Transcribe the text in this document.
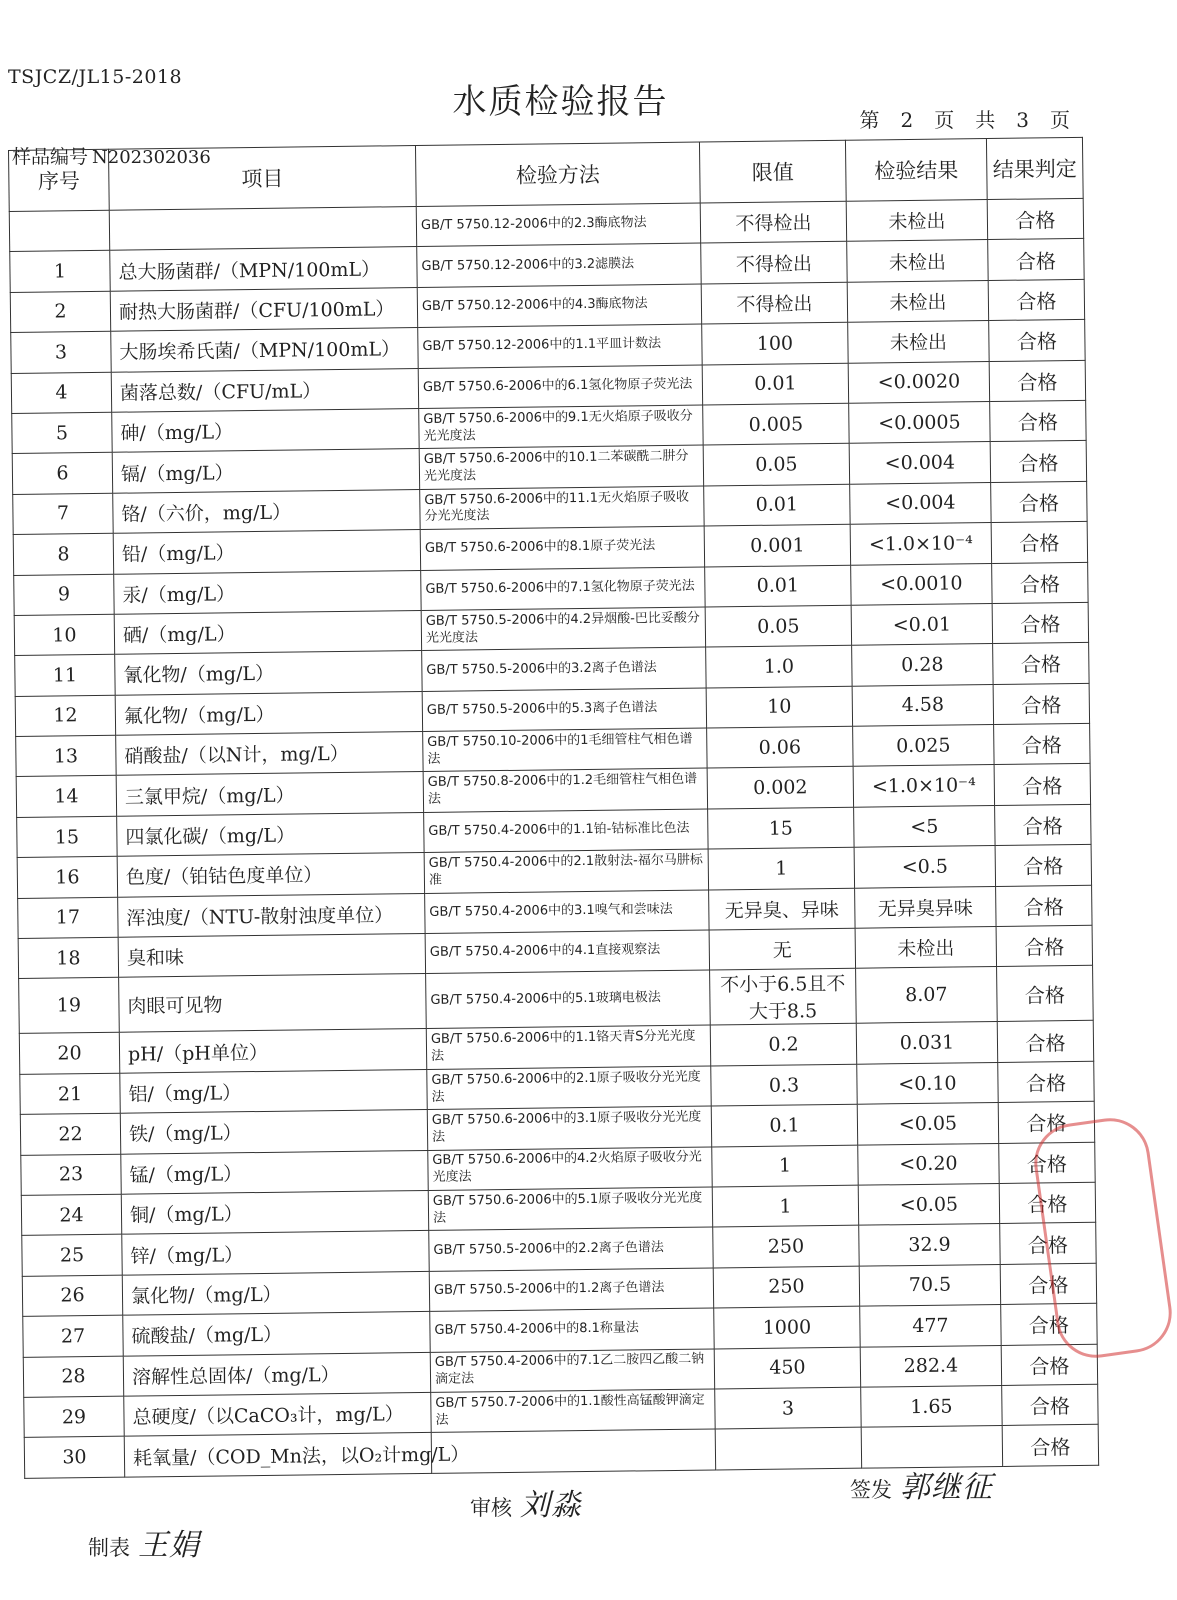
TSJCZ/JL15-2018
水质检验报告	第 2 页 共 3 页
样品编号 N202302036
序号	项目	检验方法	限值	检验结果	结果判定
		GB/T 5750.12-2006中的2.3酶底物法	不得检出	未检出	合格
1	总大肠菌群/（MPN/100mL）	GB/T 5750.12-2006中的3.2滤膜法	不得检出	未检出	合格
2	耐热大肠菌群/（CFU/100mL）	GB/T 5750.12-2006中的4.3酶底物法	不得检出	未检出	合格
3	大肠埃希氏菌/（MPN/100mL）	GB/T 5750.12-2006中的1.1平皿计数法	100	未检出	合格
4	菌落总数/（CFU/mL）	GB/T 5750.6-2006中的6.1氢化物原子荧光法	0.01	<0.0020	合格
5	砷/（mg/L）	GB/T 5750.6-2006中的9.1无火焰原子吸收分光光度法	0.005	<0.0005	合格
6	镉/（mg/L）	GB/T 5750.6-2006中的10.1二苯碳酰二肼分光光度法	0.05	<0.004	合格
7	铬/（六价，mg/L）	GB/T 5750.6-2006中的11.1无火焰原子吸收分光光度法	0.01	<0.004	合格
8	铅/（mg/L）	GB/T 5750.6-2006中的8.1原子荧光法	0.001	<1.0×10⁻⁴	合格
9	汞/（mg/L）	GB/T 5750.6-2006中的7.1氢化物原子荧光法	0.01	<0.0010	合格
10	硒/（mg/L）	GB/T 5750.5-2006中的4.2异烟酸-巴比妥酸分光光度法	0.05	<0.01	合格
11	氰化物/（mg/L）	GB/T 5750.5-2006中的3.2离子色谱法	1.0	0.28	合格
12	氟化物/（mg/L）	GB/T 5750.5-2006中的5.3离子色谱法	10	4.58	合格
13	硝酸盐/（以N计，mg/L）	GB/T 5750.10-2006中的1毛细管柱气相色谱法	0.06	0.025	合格
14	三氯甲烷/（mg/L）	GB/T 5750.8-2006中的1.2毛细管柱气相色谱法	0.002	<1.0×10⁻⁴	合格
15	四氯化碳/（mg/L）	GB/T 5750.4-2006中的1.1铂-钴标准比色法	15	<5	合格
16	色度/（铂钴色度单位）	GB/T 5750.4-2006中的2.1散射法-福尔马肼标准	1	<0.5	合格
17	浑浊度/（NTU-散射浊度单位）	GB/T 5750.4-2006中的3.1嗅气和尝味法	无异臭、异味	无异臭异味	合格
18	臭和味	GB/T 5750.4-2006中的4.1直接观察法	无	未检出	合格
19	肉眼可见物	GB/T 5750.4-2006中的5.1玻璃电极法	不小于6.5且不大于8.5	8.07	合格
20	pH/（pH单位）	GB/T 5750.6-2006中的1.1铬天青S分光光度法	0.2	0.031	合格
21	铝/（mg/L）	GB/T 5750.6-2006中的2.1原子吸收分光光度法	0.3	<0.10	合格
22	铁/（mg/L）	GB/T 5750.6-2006中的3.1原子吸收分光光度法	0.1	<0.05	合格
23	锰/（mg/L）	GB/T 5750.6-2006中的4.2火焰原子吸收分光光度法	1	<0.20	合格
24	铜/（mg/L）	GB/T 5750.6-2006中的5.1原子吸收分光光度法	1	<0.05	合格
25	锌/（mg/L）	GB/T 5750.5-2006中的2.2离子色谱法	250	32.9	合格
26	氯化物/（mg/L）	GB/T 5750.5-2006中的1.2离子色谱法	250	70.5	合格
27	硫酸盐/（mg/L）	GB/T 5750.4-2006中的8.1称量法	1000	477	合格
28	溶解性总固体/（mg/L）	GB/T 5750.4-2006中的7.1乙二胺四乙酸二钠滴定法	450	282.4	合格
29	总硬度/（以CaCO₃计，mg/L）	GB/T 5750.7-2006中的1.1酸性高锰酸钾滴定法	3	1.65	合格
30	耗氧量/（COD_Mn法，以O₂计mg/L）				合格
制表 王娟
审核 刘淼	签发 郭继征
